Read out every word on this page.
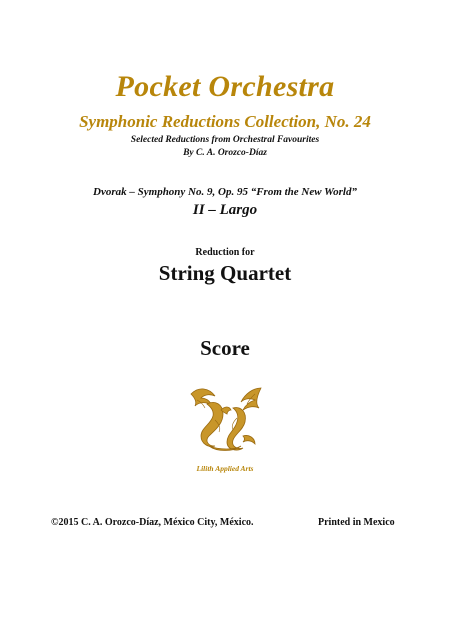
Pocket Orchestra
Symphonic Reductions Collection, No. 24
Selected Reductions from Orchestral Favourites
By C. A. Orozco-Díaz
Dvorak – Symphony No. 9, Op. 95 “From the New World”
II – Largo
Reduction for
String Quartet
Score
Lilith Applied Arts
©2015 C. A. Orozco-Díaz, México City, México.	Printed in Mexico
